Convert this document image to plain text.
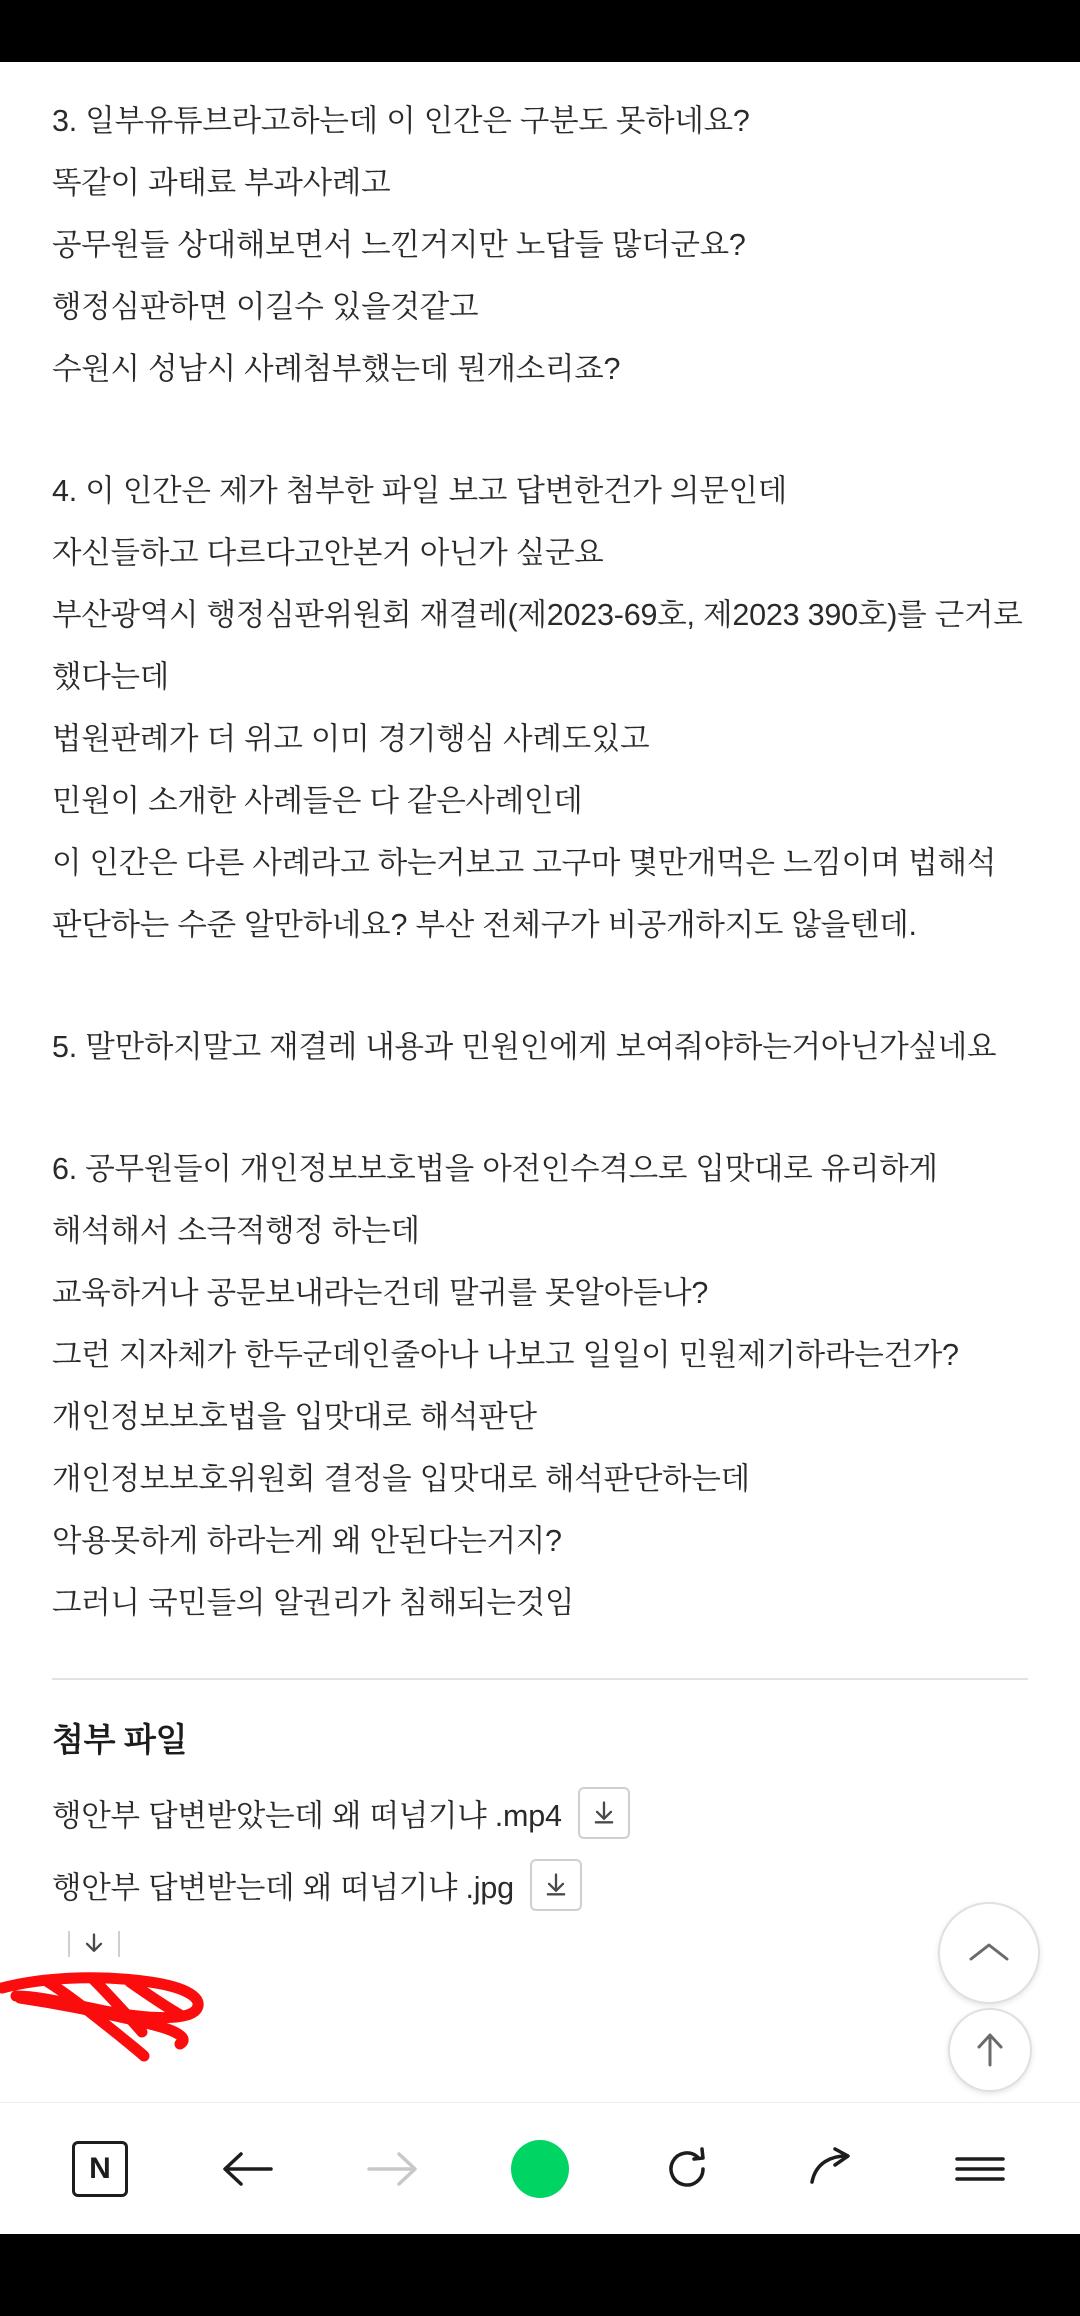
3. 일부유튜브라고하는데 이 인간은 구분도 못하네요?
똑같이 과태료 부과사례고
공무원들 상대해보면서 느낀거지만 노답들 많더군요?
행정심판하면 이길수 있을것같고
수원시 성남시 사례첨부했는데 뭔개소리죠?
4. 이 인간은 제가 첨부한 파일 보고 답변한건가 의문인데
자신들하고 다르다고안본거 아닌가 싶군요
부산광역시 행정심판위원회 재결레(제2023-69호, 제2023 390호)를 근거로 했다는데
법원판례가 더 위고 이미 경기행심 사례도있고
민원이 소개한 사례들은 다 같은사례인데
이 인간은 다른 사례라고 하는거보고 고구마 몇만개먹은 느낌이며 법해석 판단하는 수준 알만하네요? 부산 전체구가 비공개하지도 않을텐데.
5. 말만하지말고 재결레 내용과 민원인에게 보여줘야하는거아닌가싶네요
6. 공무원들이 개인정보보호법을 아전인수격으로 입맛대로 유리하게 해석해서 소극적행정 하는데
교육하거나 공문보내라는건데 말귀를 못알아듣나?
그런 지자체가 한두군데인줄아나 나보고 일일이 민원제기하라는건가? 개인정보보호법을 입맛대로 해석판단
개인정보보호위원회 결정을 입맛대로 해석판단하는데
악용못하게 하라는게 왜 안된다는거지?
그러니 국민들의 알권리가 침해되는것임
첨부 파일
행안부 답변받았는데 왜 떠넘기냐 .mp4
행안부 답변받는데 왜 떠넘기냐 .jpg
N
